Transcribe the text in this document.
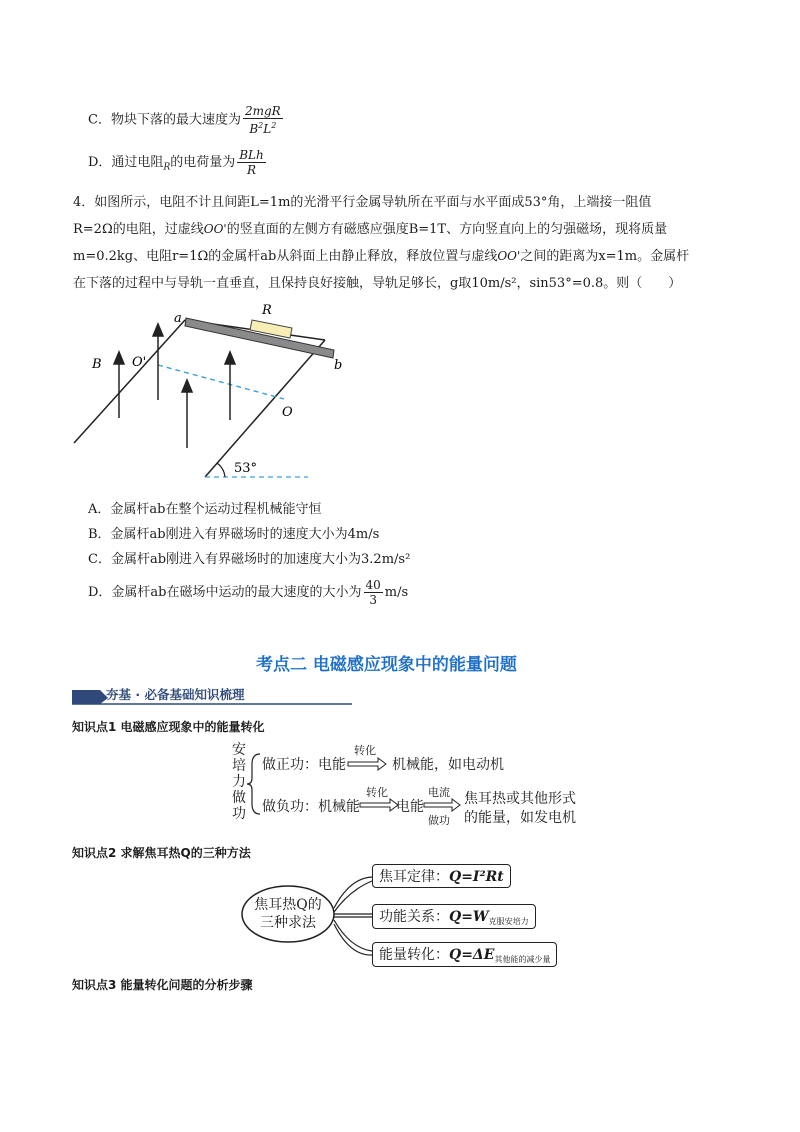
C．物块下落的最大速度为 $\frac{\text{2mgR}}{B^2L^2}$
D．通过电阻$_R$的电荷量为 $\frac{\text{BLh}}{R}$
4．如图所示，电阻不计且间距L=1m的光滑平行金属导轨所在平面与水平面成53°角，上端接一阻值
R=2Ω的电阻，过虚线OO'的竖直面的左侧方有磁感应强度B=1T、方向竖直向上的匀强磁场，现将质量
m=0.2kg、电阻r=1Ω的金属杆ab从斜面上由静止释放，释放位置与虚线OO'之间的距离为x=1m。金属杆
在下落的过程中与导轨一直垂直，且保持良好接触，导轨足够长，g取10m/s²，sin53°=0.8。则（　　）
a
b
R
B O'
O
53°
A．金属杆ab在整个运动过程机械能守恒
B．金属杆ab刚进入有界磁场时的速度大小为4m/s
C．金属杆ab刚进入有界磁场时的加速度大小为3.2m/s²
D．金属杆ab在磁场中运动的最大速度的大小为 $\frac{40}{3} m/s$
考点二 电磁感应现象中的能量问题
夯基 · 必备基础知识梳理
知识点1 电磁感应现象中的能量转化
安
培
力
做
功
做正功：电能
转化
机械能，如电动机
做负功：机械能
转化
电能
电流
做功
焦耳热或其他形式
的能量，如发电机
知识点2 求解焦耳热Q的三种方法
焦耳热Q的
三种求法
焦耳定律：Q=I²Rt
功能关系：$Q=W_{克服安培力}$
能量转化：$Q=\Delta E_{其他能的减少量}$
知识点3 能量转化问题的分析步骤
